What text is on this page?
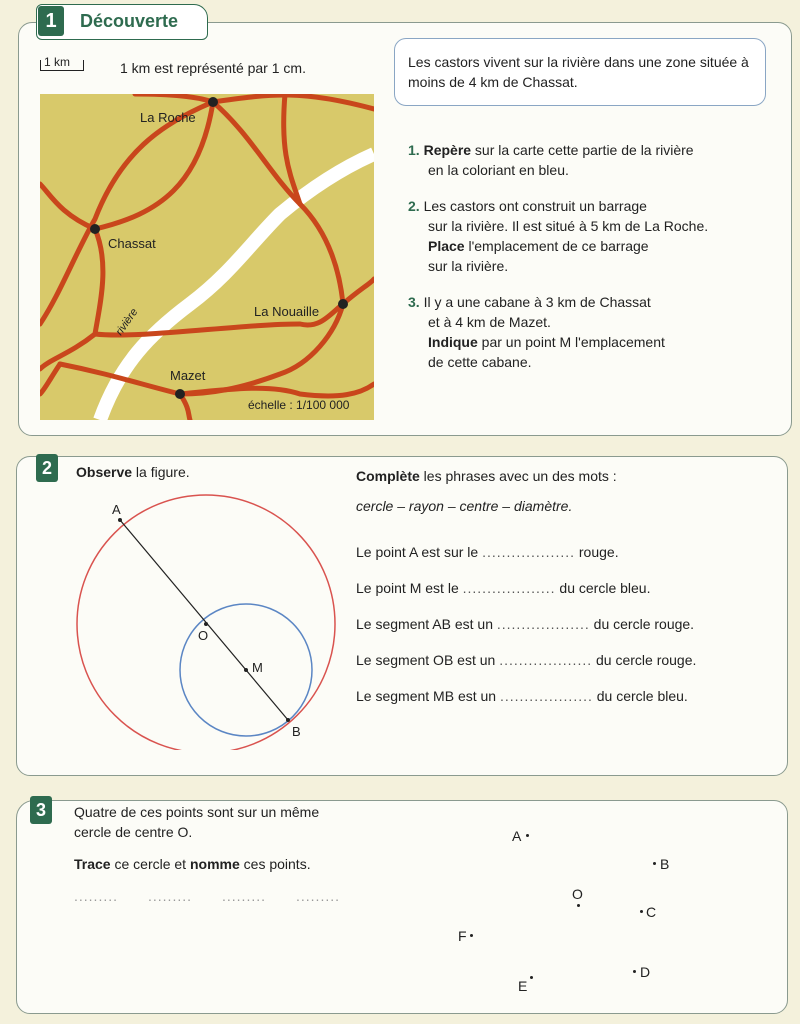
1	Découverte
1 km	1 km est représenté par 1 cm.	Les castors vivent sur la rivière dans une zone située à moins de 4 km de Chassat.
La Roche
Chassat
La Nouaille
Mazet
rivière
échelle : 1/100 000
1. Repère sur la carte cette partie de la rivière
en la coloriant en bleu.
2. Les castors ont construit un barrage
sur la rivière. Il est situé à 5 km de La Roche.
Place l'emplacement de ce barrage
sur la rivière.
3. Il y a une cabane à 3 km de Chassat
et à 4 km de Mazet.
Indique par un point M l'emplacement
de cette cabane.
2	Observe la figure.
A
O
M
B
Complète les phrases avec un des mots :
cercle – rayon – centre – diamètre.
Le point A est sur le ................... rouge.
Le point M est le ................... du cercle bleu.
Le segment AB est un ................... du cercle rouge.
Le segment OB est un ................... du cercle rouge.
Le segment MB est un ................... du cercle bleu.
3	Quatre de ces points sont sur un même
cercle de centre O.
Trace ce cercle et nomme ces points.
......... ......... ......... .........
A
B
O
C
F
D
E
